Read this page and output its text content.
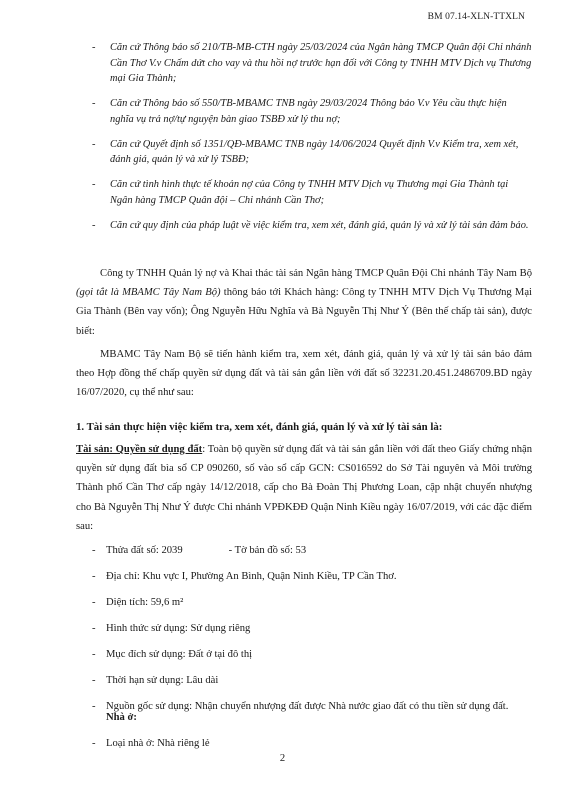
BM 07.14-XLN-TTXLN
- Căn cứ Thông báo số 210/TB-MB-CTH ngày 25/03/2024 của Ngân hàng TMCP Quân đội Chi nhánh Cần Thơ V.v Chấm dứt cho vay và thu hồi nợ trước hạn đối với Công ty TNHH MTV Dịch vụ Thương mại Gia Thành;
- Căn cứ Thông báo số 550/TB-MBAMC TNB ngày 29/03/2024 Thông báo V.v Yêu cầu thực hiện nghĩa vụ trả nợ/tự nguyện bàn giao TSBĐ xử lý thu nợ;
- Căn cứ Quyết định số 1351/QĐ-MBAMC TNB ngày 14/06/2024 Quyết định V.v Kiểm tra, xem xét, đánh giá, quản lý và xử lý TSBĐ;
- Căn cứ tình hình thực tế khoản nợ của Công ty TNHH MTV Dịch vụ Thương mại Gia Thành tại Ngân hàng TMCP Quân đội – Chi nhánh Cần Thơ;
- Căn cứ quy định của pháp luật về việc kiểm tra, xem xét, đánh giá, quản lý và xử lý tài sản đảm bảo.
Công ty TNHH Quản lý nợ và Khai thác tài sản Ngân hàng TMCP Quân Đội Chi nhánh Tây Nam Bộ (gọi tắt là MBAMC Tây Nam Bộ) thông báo tới Khách hàng: Công ty TNHH MTV Dịch Vụ Thương Mại Gia Thành (Bên vay vốn); Ông Nguyễn Hữu Nghĩa và Bà Nguyễn Thị Như Ý (Bên thế chấp tài sản), được biết:
MBAMC Tây Nam Bộ sẽ tiến hành kiểm tra, xem xét, đánh giá, quản lý và xử lý tài sản bảo đảm theo Hợp đồng thế chấp quyền sử dụng đất và tài sản gắn liền với đất số 32231.20.451.2486709.BD ngày 16/07/2020, cụ thể như sau:
1. Tài sản thực hiện việc kiểm tra, xem xét, đánh giá, quản lý và xử lý tài sản là:
Tài sản: Quyền sử dụng đất: Toàn bộ quyền sử dụng đất và tài sản gắn liền với đất theo Giấy chứng nhận quyền sử dụng đất bìa sổ CP 090260, số vào sổ cấp GCN: CS016592 do Sở Tài nguyên và Môi trường Thành phố Cần Thơ cấp ngày 14/12/2018, cấp cho Bà Đoàn Thị Phương Loan, cập nhật chuyển nhượng cho Bà Nguyễn Thị Như Ý được Chi nhánh VPĐKĐĐ Quận Ninh Kiều ngày 16/07/2019, với các đặc điểm sau:
- Thửa đất số: 2039	- Tờ bản đồ số: 53
- Địa chỉ: Khu vực I, Phường An Bình, Quận Ninh Kiều, TP Cần Thơ.
- Diện tích: 59,6 m²
- Hình thức sử dụng: Sử dụng riêng
- Mục đích sử dụng: Đất ở tại đô thị
- Thời hạn sử dụng: Lâu dài
- Nguồn gốc sử dụng: Nhận chuyển nhượng đất được Nhà nước giao đất có thu tiền sử dụng đất.
Nhà ở:
- Loại nhà ở: Nhà riêng lẻ
2
